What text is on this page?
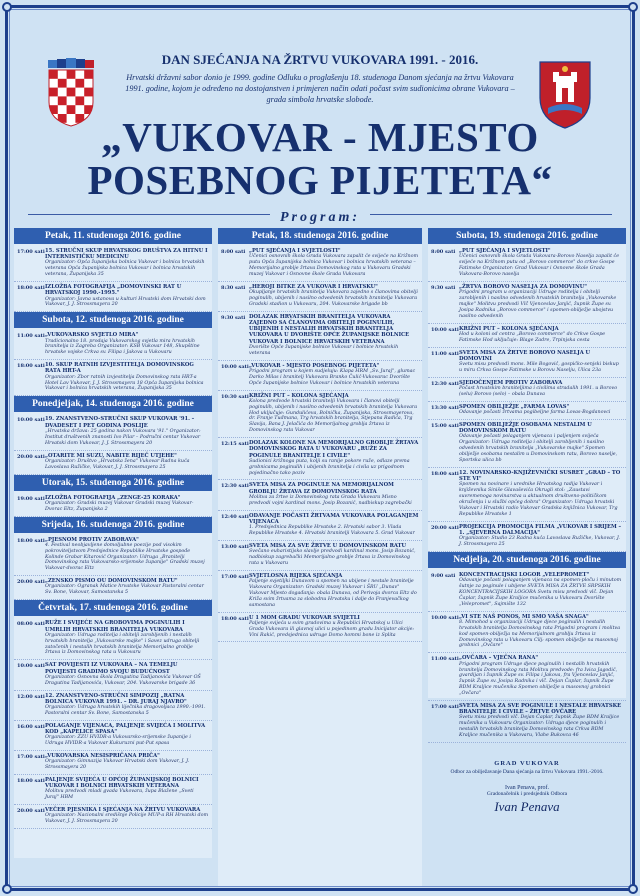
DAN SJEĆANJA NA ŽRTVU VUKOVARA 1991. - 2016.
Hrvatski državni sabor donio je 1999. godine Odluku o proglašenju 18. studenoga Danom sjećanja na žrtvu Vukovara 1991. godine, kojom je određeno na dostojanstven i primjeren način odati počast svim sudionicima obrane Vukovara – grada simbola hrvatske slobode.
„VUKOVAR - MJESTO
POSEBNOG PIJETETA“
Program:
Petak, 11. studenoga 2016. godine
17:00 sati 15. STRUČNI SKUP HRVATSKOG DRUŠTVA ZA HITNU I INTERNISTIČKU MEDICINU
Organizator: Opća županijska bolnica Vukovar i bolnica hrvatskih veterana Opća županijska bolnica Vukovar i bolnica hrvatskih veterana, Županijska 35
18:00 sati IZLOŽBA FOTOGRAFIJA „DOMOVINSKI RAT U HRVATSKOJ 1990.-1995."
Organizator: Javna ustanova u kulturi Hrvatski dom Hrvatski dom Vukovar, J. J. Strossmayera 20
Subota, 12. studenoga 2016. godine
11:00 sati „VUKOVARSKO SVJETLO MIRA"
Tradicionalno 18. prodaja Vukovarskog svjetla mira hrvatskih branitelja iz Zagreba Organizator: KSB Vukovar 148, Skupštine hrvatske vojske Crkva sv. Filipa i Jakova u Vukovaru
18:00 sati 10. SKUP RATNIH IZVJESTITELJA DOMOVINSKOG RATA HRT-A
Organizator: Zbor ratnih izvjestitelja Domovinskog rata HRT-a Hotel Lav Vukovar, J. J. Strossmayera 18 Opća županijska bolnica Vukovar i bolnica hrvatskih veterana, Županijska 35
Ponedjeljak, 14. studenoga 2016. godine
10:00 sati 19. ZNANSTVENO-STRUČNI SKUP VUKOVAR '91. – DVADESET I PET GODINA POSLIJE
„Hrvatska država: 25 godina nakon Vukovara '91." Organizator: Institut društvenih znanosti Ivo Pilar – Područni centar Vukovar Hrvatski dom Vukovar, J. J. Strossmayera 20
20:00 sati „OTARITE MI SUZU, NABITE RIJEČ UTJEHE"
Organizator: Društvo „Hrvatska žena" Vukovar Radna kuća Lavoslava Ružičke, Vukovar, J. J. Strossmayera 25
Utorak, 15. studenoga 2016. godine
19:00 sati IZLOŽBA FOTOGRAFIJA „ZENGE-25 KORAKA"
Organizator: Gradski muzej Vukovar Gradski muzej Vukovar-Dvorac Eltz, Županijska 2
Srijeda, 16. studenoga 2016. godine
18:00 sati „PJESNOM PROTIV ZABORAVA"
4. Festival neobjavljene domoljubne poezije pod visokim pokroviteljstvom Predsjednice Republike Hrvatske gospođe Kolinde Grabar Kitarović Organizator: Udruga „Branitelji Domovinskog rata Vukovarsko-srijemske županije" Gradski muzej Vukovar-dvorac Eltz
20:00 sati „ZENSKO PISMO OU DOMOVINSKOM RATU"
Organizator: Ogranak Matice hrvatske Vukovar Pastoralni centar Sv. Bone, Vukovar, Samostanska 5
Četvrtak, 17. studenoga 2016. godine
08:00 sati RUŽE I SVIJEĆE NA GROBOVIMA POGINULIH I UMRLIH HRVATSKIH BRANITELJA VUKOVARA
Organizator: Udruga roditelja i obitelji zarobljenih i nestalih hrvatskih branitelja „Vukovarske majke" i Savez udruga obitelji zatočenih i nestalih hrvatskih branitelja Memorijalno groblje žrtava iz Domovinskog rata u Vukovaru
10:00 sati SAT POVIJESTI IZ VUKOVARA – NA TEMELJU POVIJESTI GRADIMO SVOJU BUDUĆNOST
Organizator: Osnovna škola Dragutina Tadijanovića Vukovar OŠ Dragutina Tadijanovića, Vukovar, 204. Vukovarske brigade 36
12:00 sati 12. ZNANSTVENO-STRUČNI SIMPOZIJ „RATNA BOLNICA VUKOVAR 1991. – DR. JURAJ NJAVRO"
Organizator: Udruga hrvatskih liječnika dragovoljaca 1990.-1991. Pastoralni centar Sv. Bone, Samostanska 5
16:00 sati POLAGANJE VIJENACA, PALJENJE SVIJEĆA I MOLITVA KOD „KAPELICE SPASA"
Organizator: ŽZU HVIDR-a Vukovarsko-srijemske županije i Udruga HVIDR-a Vukovar Kukuruzni put-Put spasa
17:00 sati „VUKOVARSKA NESISPRIČANA PRIČA"
Organizator: Gimnazija Vukovar Hrvatski dom Vukovar, J. J. Strossmayera 20
18:00 sati PALJENJE SVIJEĆA U OPĆOJ ŽUPANIJSKOJ BOLNICI VUKOVAR I BOLNICI HRVATSKIH VETERANA
Molitvu predvodi mladi gvada Vukovara, župa Blažene „Sveti Juraj" HBM
20:00 sati VEČER PJESNIKA I SJEĆANJA NA ŽRTVU VUKOVARA
Organizator: Nacionalni središnje Policije MUP-a RH Hrvatski dom Vukovar, J. J. Strossmayera 20
Petak, 18. studenoga 2016. godine
8:00 sati „PUT SJEĆANJA I SVJETLOSTI"
Učenici osnovnih škola Grada Vukovara zapalit će svijeće na Križnom putu Opća županijska bolnica Vukovar i bolnica hrvatskih veterana – Memorijalno groblje žrtava Domovinskog rata u Vukovaru Gradski muzej Vukovar i Osnovne škole Grada Vukovara
8:30 sati „HEROJI BITKE ZA VUKOVAR I HRVATSKU"
Okupljanje hrvatskih branitelja Vukovara zajedno s članovima obitelji poginulih, ubijenih i nasilno odvedenih hrvatskih branitelja Vukovara Gradski stadion u Vukovaru, 204. Vukovarske brigade bb
9:30 sati DOLAZAK HRVATSKIH BRANITELJA VUKOVARA ZAJEDNO SA ČLANOVIMA OBITELJI POGINULIH, UBIJENIH I NESTALIH HRVATSKIH BRANITELJA VUKOVARA U DVORIŠTE OPĆE ŽUPANIJSKE BOLNICE VUKOVAR I BOLNICE HRVATSKIH VETERANA
Dvorište Opće županijske bolnice Vukovar i bolnice hrvatskih veterana
10:00 sati „VUKOVAR - MJESTO POSEBNOG PIJETETA"
Prigodni program u kojem sudjeluju: Klapa HRM „Sv. Juraj", glumac Darko Milas i branitelj Vukovara Branko Čulić-Vukovarac Dvorište Opće županijske bolnice Vukovar i bolnice hrvatskih veterana
10:30 sati KRIŽNI PUT – KOLONA SJEĆANJA
Kolona predvode hrvatski branitelji Vukovara i članovi obitelji poginulih, ubijenih i nasilno odvedenih hrvatskih branitelja Vukovara Hod uključuje: Gundulićeva, Bolnička, Županijska, Strossmayerova, dr. Franje Tuđmana, Trg hrvatskih branitelja, Stjepana Radića, Trg Slavija, Bana J. Jelačića do Memorijalnog groblja žrtava iz Domovinskog rata Vukovar
12:15 sati DOLAZAK KOLONE NA MEMORIJALNO GROBLJE ŽRTAVA DOMOVINSKOG RATA U VUKOVARU „RUŽE ZA POGINULE BRANITELJE I CIVILE"
Sudionici križnoga puta, kolji su ranije pokore ruže, odlaze prema grobnicama poginulih i ubijenih branitelja i civila uz prigodnom pojedinačno tako poziv
12:30 sati SVETA MISA ZA POGINULE NA MEMORIJALNOM GROBLJU ŽRTAVA IZ DOMOVINSKOG RATA
Molitva za žrtve iz Domovinskog rata Grada Vukovara Misno predvodi vojni kardinal mons. Josip Bozanić, nadbiskup zagrebački
12:40 sati ODAVANJE POČASTI ŽRTVAMA VUKOVARA POLAGANJEM VIJENACA
1. Predsjednica Republike Hrvatske 2. Hrvatski sabor 3. Vlada Republike Hrvatske 4. Hrvatski branitelji Vukovara 5. Grad Vukovar
13:00 sati SVETA MISA ZA SVE ŽRTVE U DOMOVINSKOM RATU
Svečano euharistijsko slavlje predvodi kardinal mons. Josip Bozanić, nadbiskup zagrebački Memorijalno groblje žrtava iz Domovinskog rata u Vukovaru
17:00 sati SVJETLOSNA RIJEKA SJEĆANJA
Paljenje svjetiljki Dunavom u spomen na ubijene i nestale branitelje Vukovara Organizator: Gradski muzej Vukovar i ŠRU „Dunav" Vukovar Mjesto događanja: obala Dunava, od Perivoja dvorca Eltz do Križa svim žrtvama za slobodnu Hrvatsku i dalje do Franjevačkog samostana
18:00 sati U 1 MOM GRADU VUKOVAR SVIJETLI
Paljenje svijeća u svim gradovima u Republici Hrvatskoj u Ulici Grada Vukovara ili glavnoj ulici u pojedinom gradu Inicijator akcije: Vini Rakić, predsjednica udruge Domo hommi bone iz Splita
Subota, 19. studenoga 2016. godine
8:00 sati „PUT SJEĆANJA I SVJETLOSTI"
Učenici osnovnih škola Grada Vukovara-Borovo Naselja zapalit će svijeće na Križnom putu od „Borovo commerce" do crkve Gospe Fatimske Organizator: Grad Vukovar i Osnovne škole Grada Vukovara-Borovo naselja
9:30 sati „ŽRTVA BOROVO NASELJA ZA DOMOVINU"
Prigodni program u organizaciji Udruge roditelja i obitelji zarobljenih i nasilno odvedenih hrvatskih branitelja „Vukovarske majke" Molitvu predvodi Vlč Vjenceslav Janjić, župnik Župe sv. Josipa Radnika „Borovo commerce" i spomen-obilježje ubojstvu nasilno odvedenih
10:00 sati KRIŽNI PUT – KOLONA SJEĆANJA
Hod u koloni od centra „Borovo commerce" do Crkve Gospe Fatimske Hod uključuje: Blage Zadre, Trpinjska cesta
11:00 sati SVETA MISA ZA ŽRTVE BOROVO NASELJA U DOMOVINI
Svetu misu predvodi mons. Mile Bogović, gospićko-senjski biskup u miru Crkva Gospe Fatimske u Borovu Naselju, Ulica 23a
12:30 sati SJEDOČENJEM PROTIV ZABORAVA
Počast hrvatskim braniteljima i civilima stradalih 1991. u Borovo (selu) Borovo (selo) – obala Dunava
13:30 sati SPOMEN OBILJEŽJE „FARMA LOVAS"
Odavanje počasti žrtvama pogibeljne farma Lovas-Bogdanovci
15:00 sati SPOMEN OBILJEŽJE OSOBAMA NESTALIM U DOMOVINSKOM RATU
Odavanje počasti polaganjem vijenaca i paljenjem svijeća Organizator: Udruga roditelja i obitelji zarobljenih i nasilno odvedenih hrvatskih branitelja „Vukovarske majke" Spomen obilježje osobama nestalim u Domovinskom ratu, Borovo naselje, Sportska ulica bb
18:00 sati 12. NOVINARSKO-KNJIŽEVNIČKI SUSRET „GRAD – TO STE VI"
Spomen na novinare i urednike Hrvatskog radija Vukovar i književnika Siniše Glavaševića Okrugli stol: „Zaustavi suvremenoga novinarstva u aktualnom društveno-političkom okruženju i u službi općeg dobra" Organizator: Udruga hrvatski Vukovar i Hrvatski radio Vukovar Gradska knjižnica Vukovar, Trg Republike Hrvatske 1
20:00 sati PROJEKCIJA PROMOCIJA FILMA „VUKOVAR I SRIJEM – 1. „SJEVERNA DALMACIJA"
Organizator: Studio 23 Radna kuća Lavoslava Ružičke, Vukovar, J. J. Strossmayera 25
Nedjelja, 20. studenoga 2016. godine
9:00 sati KONCENTRACIJSKI LOGOR „VELEPROMET"
Odavanje počasti polaganjem vijenaca na spomen-ploču i minutom šutnje za poginule i ubijene SVETA MISA ZA ŽRTVE SRPSKIH KONCENTRACIJSKIH LOGORA Svetu misu predvodi vlč. Dejan Čaplar, župnik Župe Kraljice mučenika u Vukovaru Dvorište „Velepromet", Sajmište 132
10:00 sati „VI STE NAŠ PONOS, MI SMO VAŠA SNAGA"
8. Mimohod u organizaciji Udruge djece poginulih i nestalih hrvatskih branitelja Domovinskog rata Prigodni program i molitva kod spomen-obilježja na Memorijalnom groblju žrtava iz Domovinskog rata u Vukovaru Cilj: spomen obilježje na masovnoj grobnici „Ovčare"
11:00 sati „OVČARA – VJEČNA RANA"
Prigodni program Udruge djece poginulih i nestalih hrvatskih branitelja Domovinskog rata Molitvu predvode: fra Ivica Jagodić, gvardijan i župnik Župe sv. Filipa i Jakova, fra Vjenceslav Janjić, župnik Župe sv. Josipa Radnika i vlč. Dejan Čaplar, župnik Župe BDM Kraljice mučenika Spomen obilježje u masovnoj grobnici „Ovčara"
17:00 sati SVETA MISA ZA SVE POGINULE I NESTALE HRVATSKE BRANITELJE I CIVILE – ŽRTVE OVČARE
Svetu misu predvodi vlč. Dejan Čaplar, župnik Župe BDM Kraljice mučenika u Vukovaru Organizator: Udruga djece poginulih i nestalih hrvatskih branitelja Domovinskog rata Crkva BDM Kraljice mučenika u Vukovaru, Vlahe Bukovca 46
GRAD VUKOVAR
Odbor za obilježavanje Dana sjećanja na žrtvu Vukovara 1991.-2016.
Ivan Penava, prof.
Gradonačelnik i predsjednik Odbora
Ivan Penava
